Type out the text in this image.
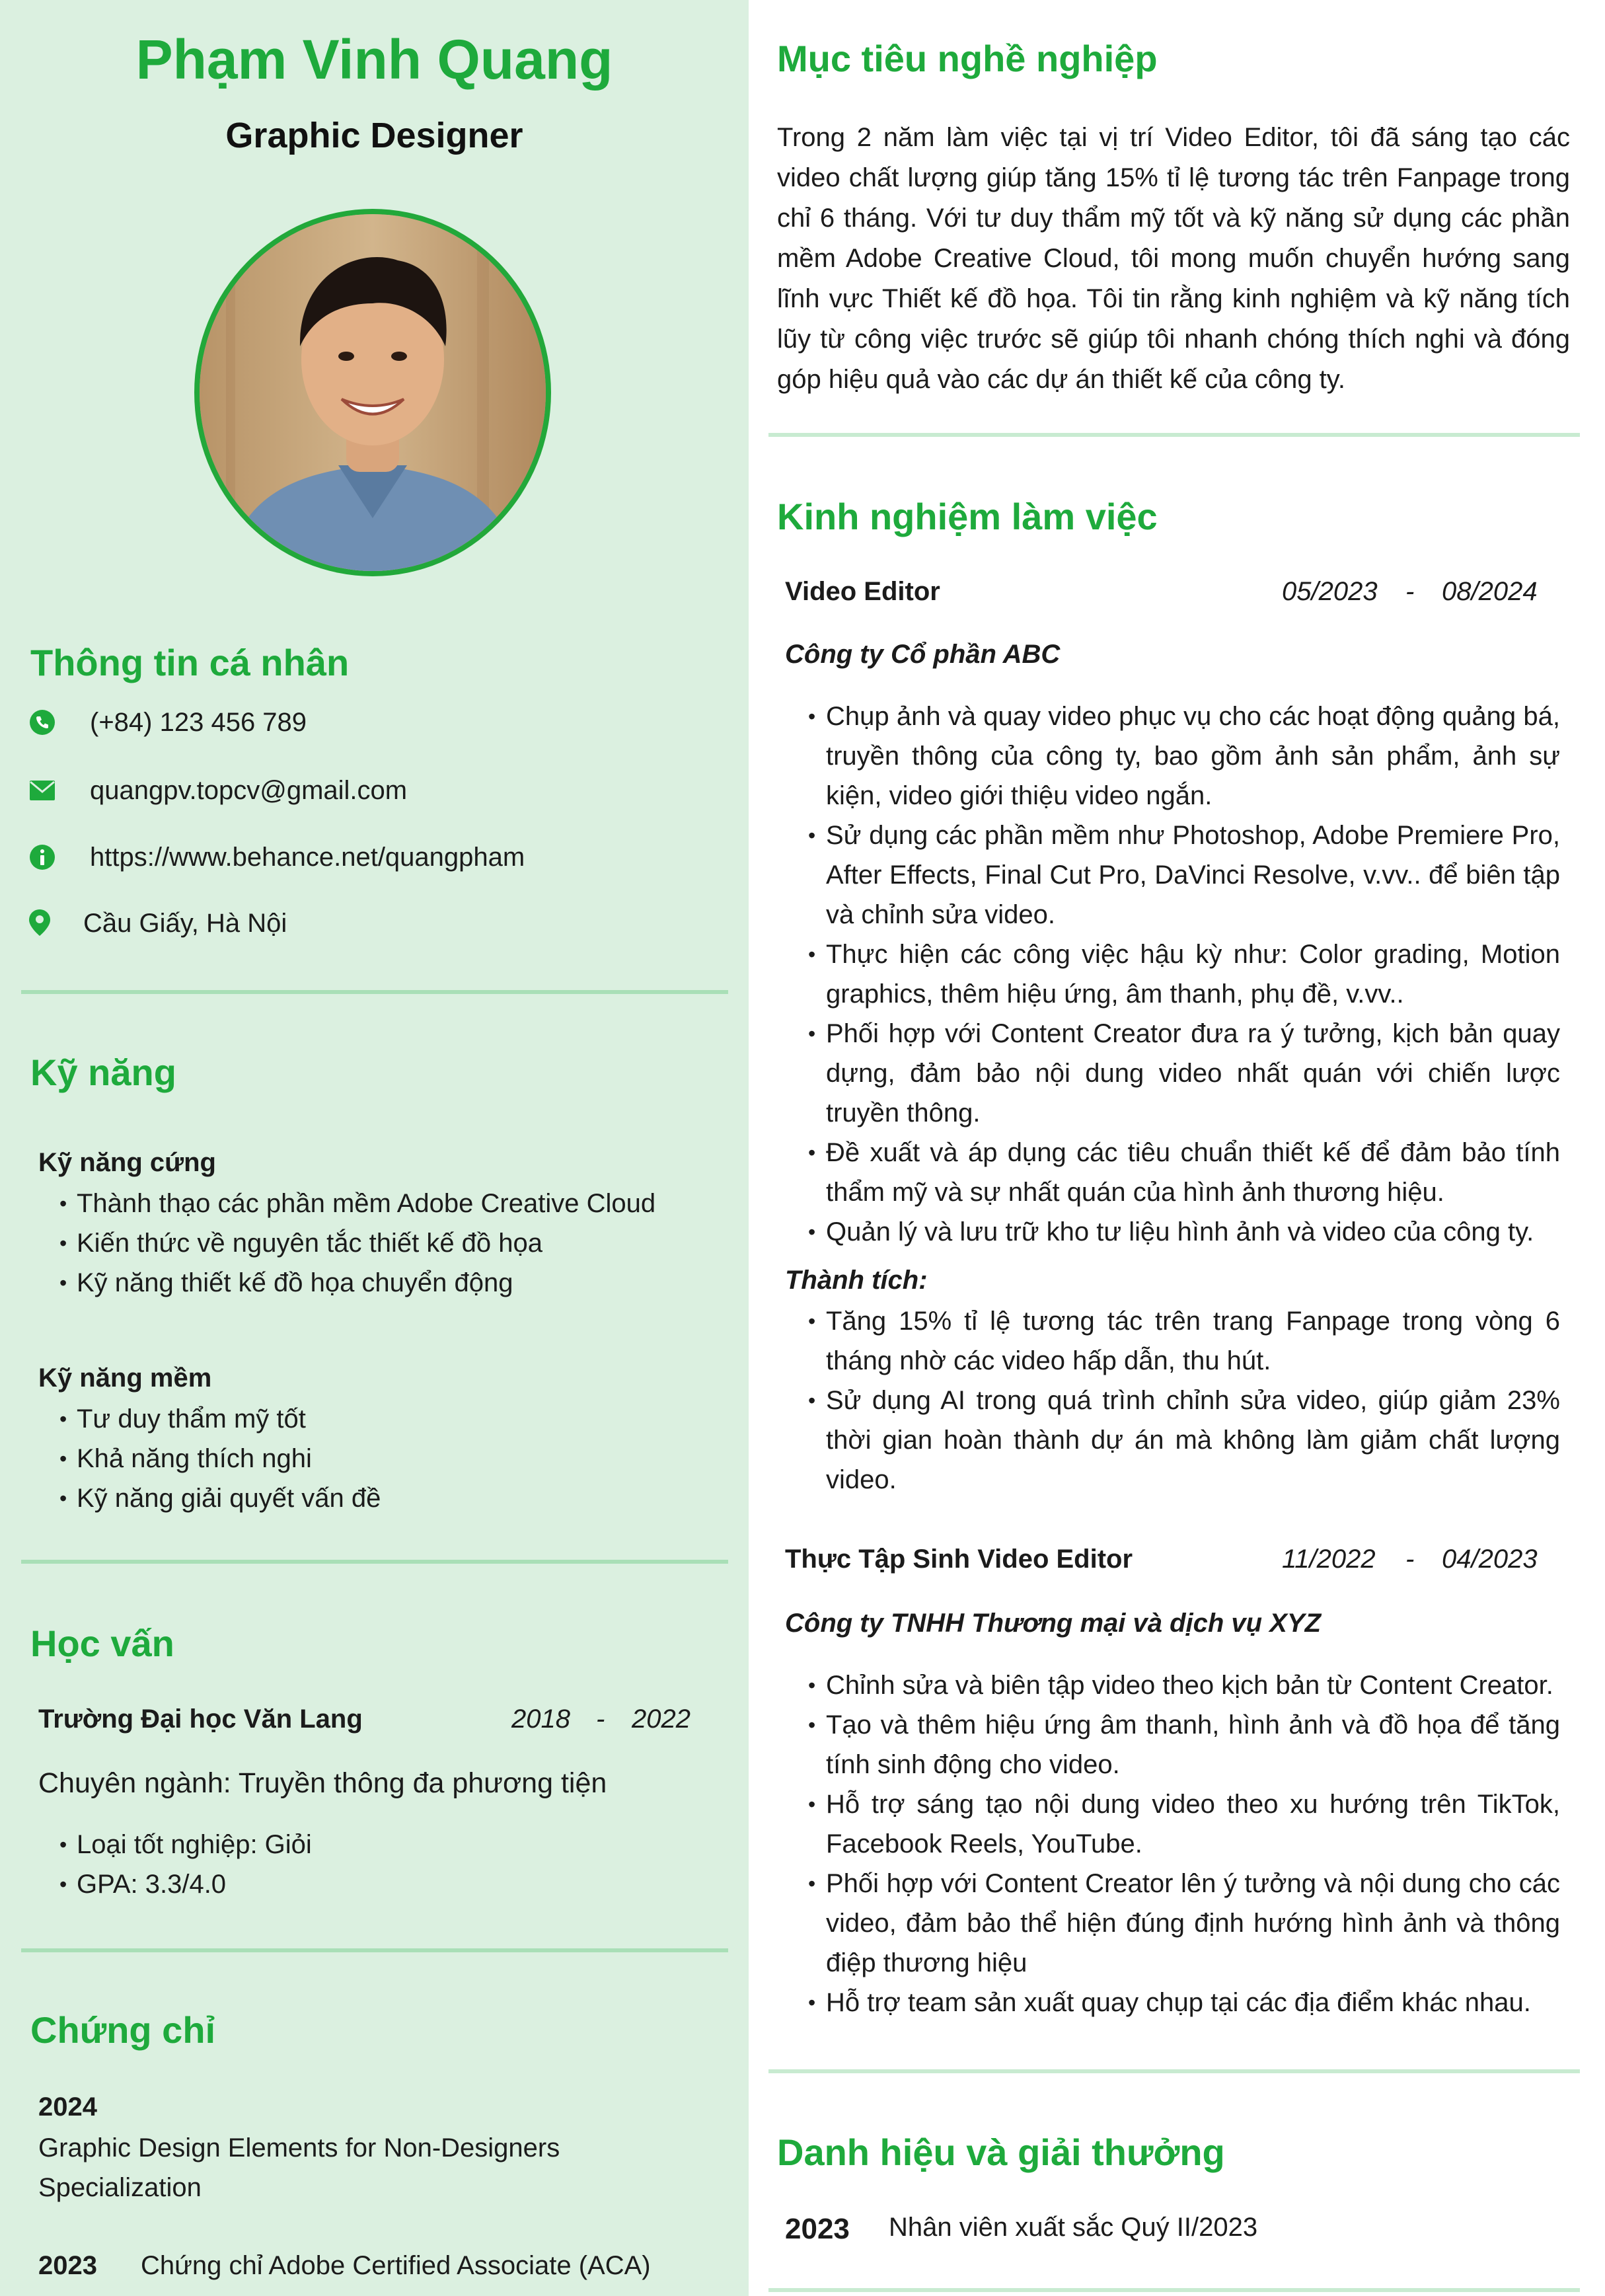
Phạm Vinh Quang
Graphic Designer
Thông tin cá nhân
(+84) 123 456 789
quangpv.topcv@gmail.com
https://www.behance.net/quangpham
Cầu Giấy, Hà Nội
Kỹ năng
Kỹ năng cứng
• Thành thạo các phần mềm Adobe Creative Cloud
• Kiến thức về nguyên tắc thiết kế đồ họa
• Kỹ năng thiết kế đồ họa chuyển động
Kỹ năng mềm
• Tư duy thẩm mỹ tốt
• Khả năng thích nghi
• Kỹ năng giải quyết vấn đề
Học vấn
Trường Đại học Văn Lang	2018 - 2022
Chuyên ngành: Truyền thông đa phương tiện
• Loại tốt nghiệp: Giỏi
• GPA: 3.3/4.0
Chứng chỉ
2024
Graphic Design Elements for Non-Designers Specialization
2023 Chứng chỉ Adobe Certified Associate (ACA)
Mục tiêu nghề nghiệp
Trong 2 năm làm việc tại vị trí Video Editor, tôi đã sáng tạo các video chất lượng giúp tăng 15% tỉ lệ tương tác trên Fanpage trong chỉ 6 tháng. Với tư duy thẩm mỹ tốt và kỹ năng sử dụng các phần mềm Adobe Creative Cloud, tôi mong muốn chuyển hướng sang lĩnh vực Thiết kế đồ họa. Tôi tin rằng kinh nghiệm và kỹ năng tích lũy từ công việc trước sẽ giúp tôi nhanh chóng thích nghi và đóng góp hiệu quả vào các dự án thiết kế của công ty.
Kinh nghiệm làm việc
Video Editor	05/2023 - 08/2024
Công ty Cổ phần ABC
• Chụp ảnh và quay video phục vụ cho các hoạt động quảng bá, truyền thông của công ty, bao gồm ảnh sản phẩm, ảnh sự kiện, video giới thiệu video ngắn.
• Sử dụng các phần mềm như Photoshop, Adobe Premiere Pro, After Effects, Final Cut Pro, DaVinci Resolve, v.vv.. để biên tập và chỉnh sửa video.
• Thực hiện các công việc hậu kỳ như: Color grading, Motion graphics, thêm hiệu ứng, âm thanh, phụ đề, v.vv..
• Phối hợp với Content Creator đưa ra ý tưởng, kịch bản quay dựng, đảm bảo nội dung video nhất quán với chiến lược truyền thông.
• Đề xuất và áp dụng các tiêu chuẩn thiết kế để đảm bảo tính thẩm mỹ và sự nhất quán của hình ảnh thương hiệu.
• Quản lý và lưu trữ kho tư liệu hình ảnh và video của công ty.
Thành tích:
• Tăng 15% tỉ lệ tương tác trên trang Fanpage trong vòng 6 tháng nhờ các video hấp dẫn, thu hút.
• Sử dụng AI trong quá trình chỉnh sửa video, giúp giảm 23% thời gian hoàn thành dự án mà không làm giảm chất lượng video.
Thực Tập Sinh Video Editor	11/2022 - 04/2023
Công ty TNHH Thương mại và dịch vụ XYZ
• Chỉnh sửa và biên tập video theo kịch bản từ Content Creator.
• Tạo và thêm hiệu ứng âm thanh, hình ảnh và đồ họa để tăng tính sinh động cho video.
• Hỗ trợ sáng tạo nội dung video theo xu hướng trên TikTok, Facebook Reels, YouTube.
• Phối hợp với Content Creator lên ý tưởng và nội dung cho các video, đảm bảo thể hiện đúng định hướng hình ảnh và thông điệp thương hiệu
• Hỗ trợ team sản xuất quay chụp tại các địa điểm khác nhau.
Danh hiệu và giải thưởng
2023 Nhân viên xuất sắc Quý II/2023
